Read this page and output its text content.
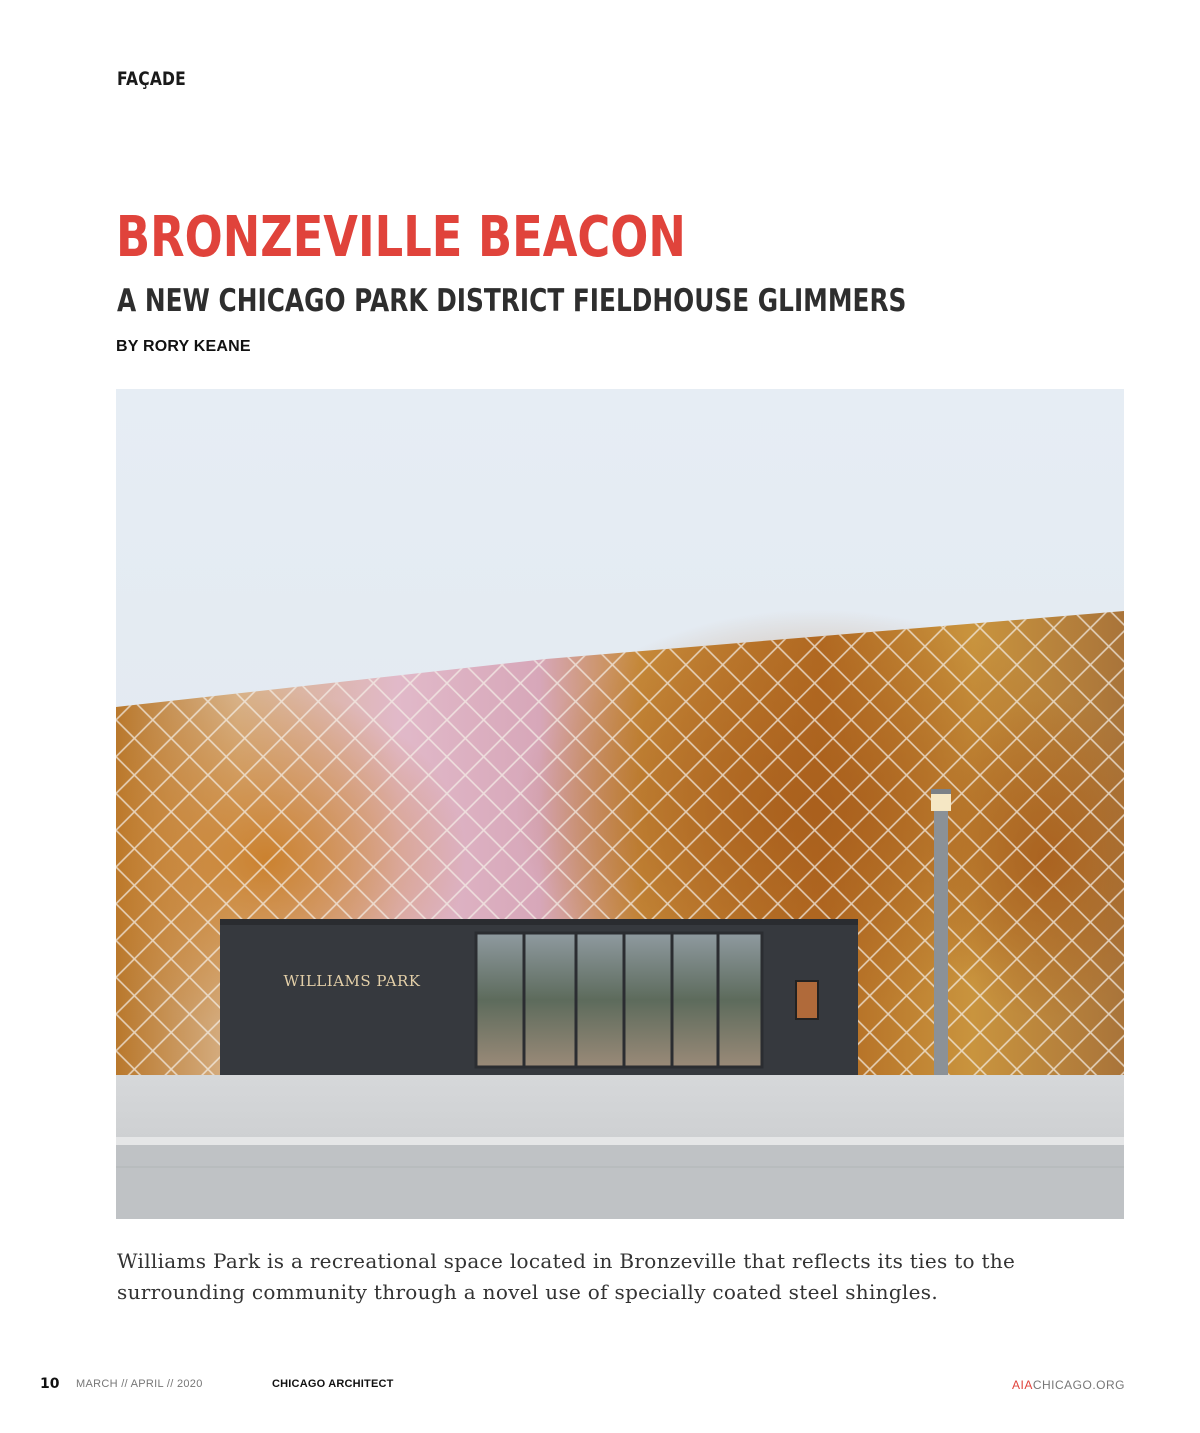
FAÇADE
BRONZEVILLE BEACON
A NEW CHICAGO PARK DISTRICT FIELDHOUSE GLIMMERS
BY RORY KEANE
WILLIAMS PARK

Williams Park is a recreational space located in Bronzeville that reflects its ties to the surrounding community through a novel use of specially coated steel shingles.

10 MARCH // APRIL // 2020	CHICAGO ARCHITECT	AIACHICAGO.ORG
